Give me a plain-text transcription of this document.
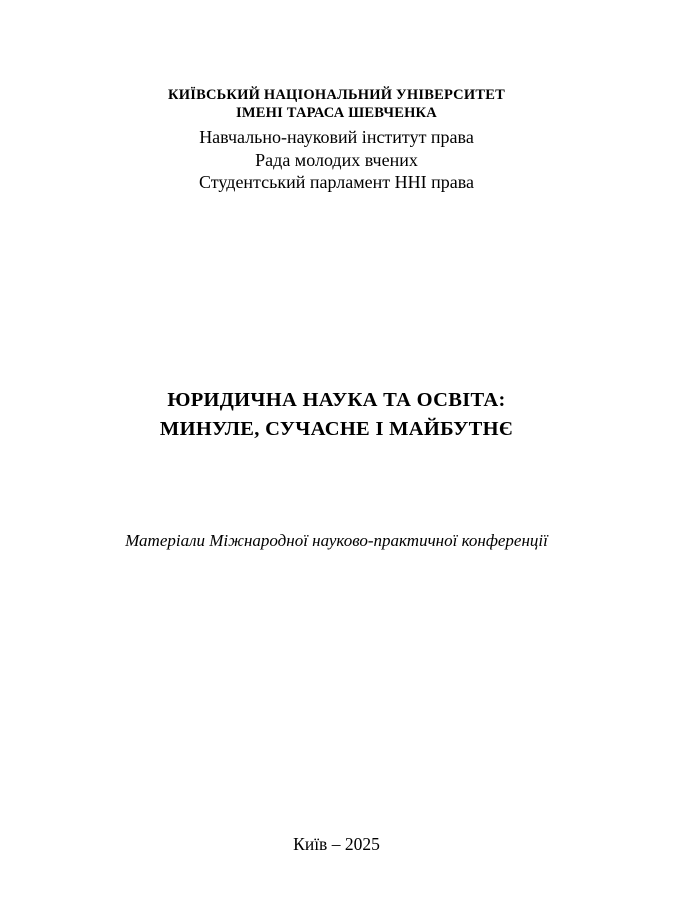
КИЇВСЬКИЙ НАЦІОНАЛЬНИЙ УНІВЕРСИТЕТ
ІМЕНІ ТАРАСА ШЕВЧЕНКА
Навчально-науковий інститут права
Рада молодих вчених
Студентський парламент ННІ права
ЮРИДИЧНА НАУКА ТА ОСВІТА:
МИНУЛЕ, СУЧАСНЕ І МАЙБУТНЄ
Матеріали Міжнародної науково-практичної конференції
Київ – 2025
